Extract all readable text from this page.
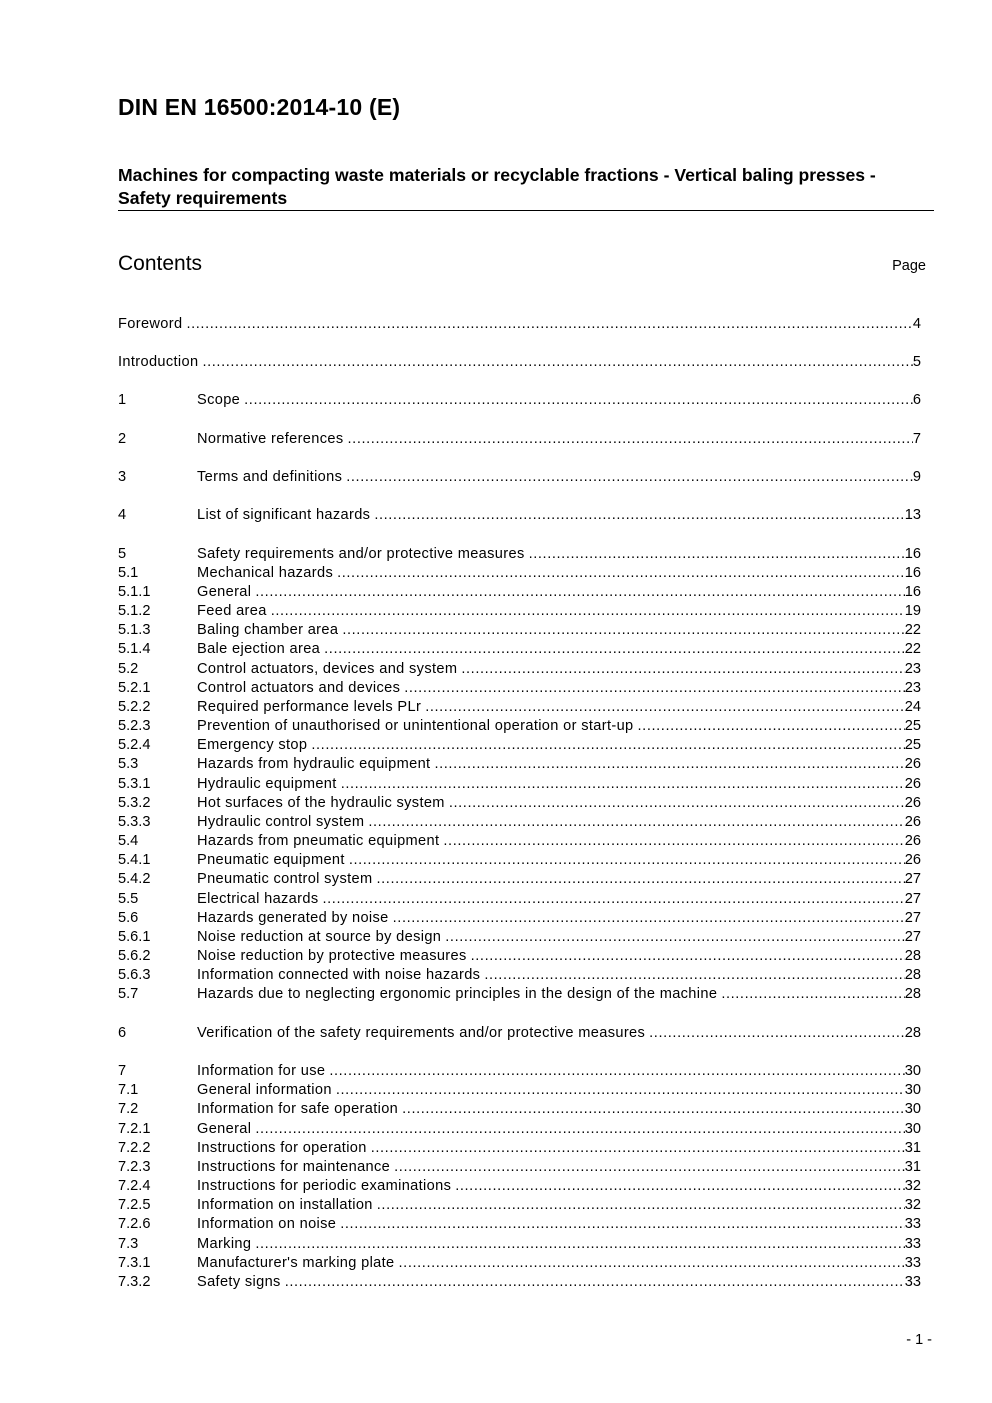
DIN EN 16500:2014-10 (E)
Machines for compacting waste materials or recyclable fractions - Vertical baling presses - Safety requirements
Contents	Page
Foreword .....	4
Introduction .....	5
1	Scope .....	6
2	Normative references .....	7
3	Terms and definitions .....	9
4	List of significant hazards .....	13
5	Safety requirements and/or protective measures .....	16
5.1	Mechanical hazards .....	16
5.1.1	General .....	16
5.1.2	Feed area .....	19
5.1.3	Baling chamber area .....	22
5.1.4	Bale ejection area .....	22
5.2	Control actuators, devices and system .....	23
5.2.1	Control actuators and devices .....	23
5.2.2	Required performance levels PLr .....	24
5.2.3	Prevention of unauthorised or unintentional operation or start-up .....	25
5.2.4	Emergency stop .....	25
5.3	Hazards from hydraulic equipment .....	26
5.3.1	Hydraulic equipment .....	26
5.3.2	Hot surfaces of the hydraulic system .....	26
5.3.3	Hydraulic control system .....	26
5.4	Hazards from pneumatic equipment .....	26
5.4.1	Pneumatic equipment .....	26
5.4.2	Pneumatic control system .....	27
5.5	Electrical hazards .....	27
5.6	Hazards generated by noise .....	27
5.6.1	Noise reduction at source by design .....	27
5.6.2	Noise reduction by protective measures .....	28
5.6.3	Information connected with noise hazards .....	28
5.7	Hazards due to neglecting ergonomic principles in the design of the machine .....	28
6	Verification of the safety requirements and/or protective measures .....	28
7	Information for use .....	30
7.1	General information .....	30
7.2	Information for safe operation .....	30
7.2.1	General .....	30
7.2.2	Instructions for operation .....	31
7.2.3	Instructions for maintenance .....	31
7.2.4	Instructions for periodic examinations .....	32
7.2.5	Information on installation .....	32
7.2.6	Information on noise .....	33
7.3	Marking .....	33
7.3.1	Manufacturer's marking plate .....	33
7.3.2	Safety signs .....	33
- 1 -
